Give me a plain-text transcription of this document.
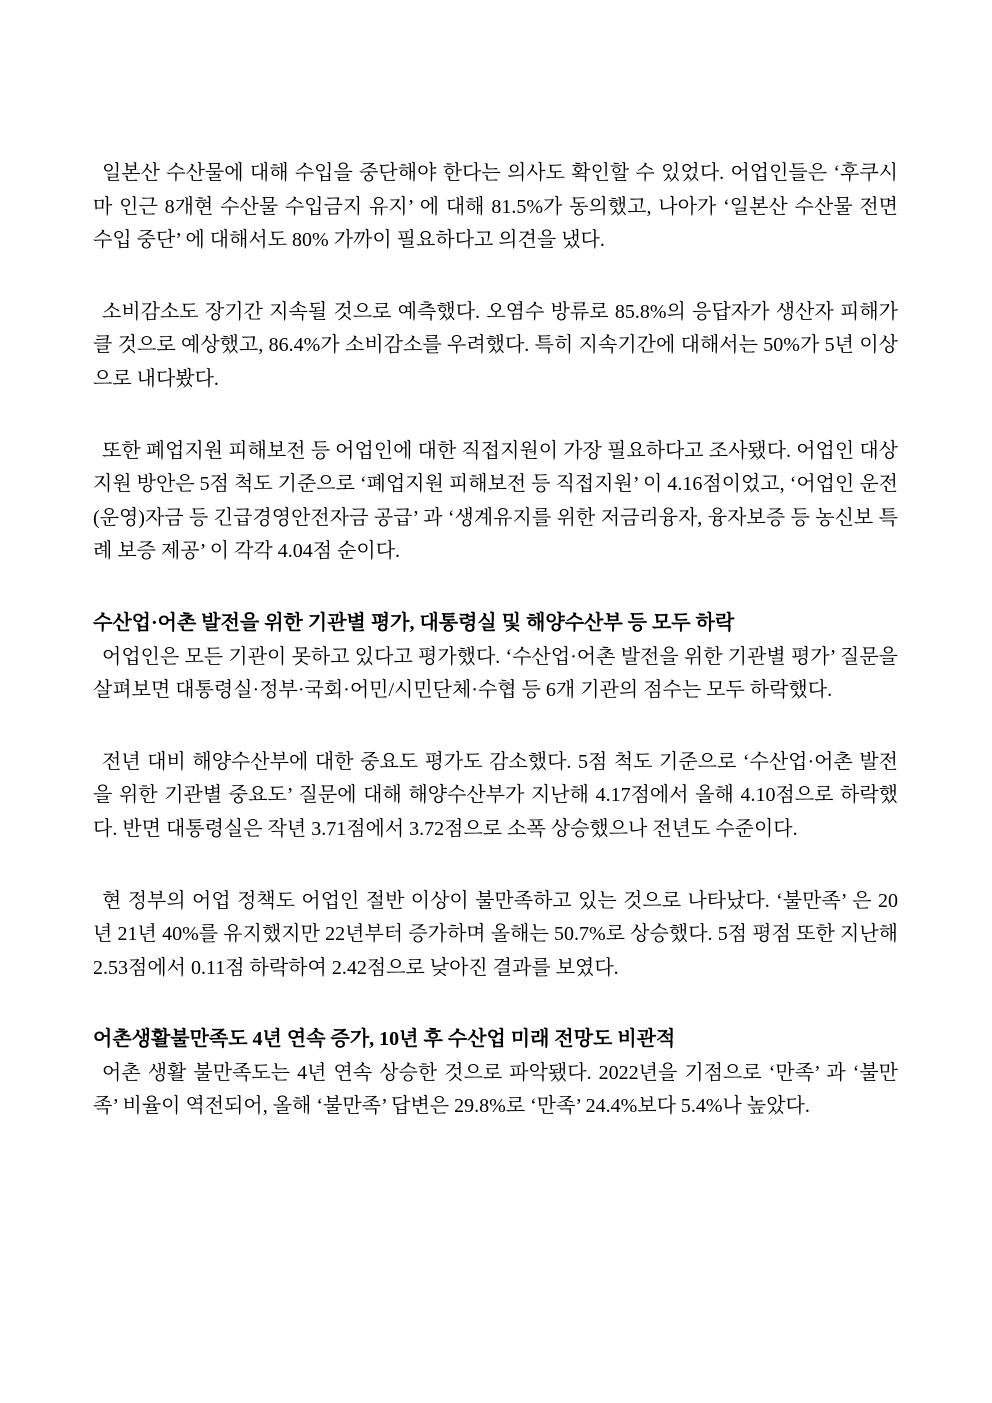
일본산 수산물에 대해 수입을 중단해야 한다는 의사도 확인할 수 있었다. 어업인들은 ‘후쿠시마 인근 8개현 수산물 수입금지 유지’ 에 대해 81.5%가 동의했고, 나아가 ‘일본산 수산물 전면 수입 중단’ 에 대해서도 80% 가까이 필요하다고 의견을 냈다.

소비감소도 장기간 지속될 것으로 예측했다. 오염수 방류로 85.8%의 응답자가 생산자 피해가 클 것으로 예상했고, 86.4%가 소비감소를 우려했다. 특히 지속기간에 대해서는 50%가 5년 이상으로 내다봤다.

또한 폐업지원 피해보전 등 어업인에 대한 직접지원이 가장 필요하다고 조사됐다. 어업인 대상 지원 방안은 5점 척도 기준으로 ‘폐업지원 피해보전 등 직접지원’ 이 4.16점이었고, ‘어업인 운전(운영)자금 등 긴급경영안전자금 공급’ 과 ‘생계유지를 위한 저금리융자, 융자보증 등 농신보 특례 보증 제공’ 이 각각 4.04점 순이다.

수산업·어촌 발전을 위한 기관별 평가, 대통령실 및 해양수산부 등 모두 하락

어업인은 모든 기관이 못하고 있다고 평가했다. ‘수산업·어촌 발전을 위한 기관별 평가’ 질문을 살펴보면 대통령실·정부·국회·어민/시민단체·수협 등 6개 기관의 점수는 모두 하락했다.

전년 대비 해양수산부에 대한 중요도 평가도 감소했다. 5점 척도 기준으로 ‘수산업·어촌 발전을 위한 기관별 중요도’ 질문에 대해 해양수산부가 지난해 4.17점에서 올해 4.10점으로 하락했다. 반면 대통령실은 작년 3.71점에서 3.72점으로 소폭 상승했으나 전년도 수준이다.

현 정부의 어업 정책도 어업인 절반 이상이 불만족하고 있는 것으로 나타났다. ‘불만족’ 은 20년 21년 40%를 유지했지만 22년부터 증가하며 올해는 50.7%로 상승했다. 5점 평점 또한 지난해 2.53점에서 0.11점 하락하여 2.42점으로 낮아진 결과를 보였다.

어촌생활불만족도 4년 연속 증가, 10년 후 수산업 미래 전망도 비관적

어촌 생활 불만족도는 4년 연속 상승한 것으로 파악됐다. 2022년을 기점으로 ‘만족’ 과 ‘불만족’ 비율이 역전되어, 올해 ‘불만족’ 답변은 29.8%로 ‘만족’ 24.4%보다 5.4%나 높았다.
